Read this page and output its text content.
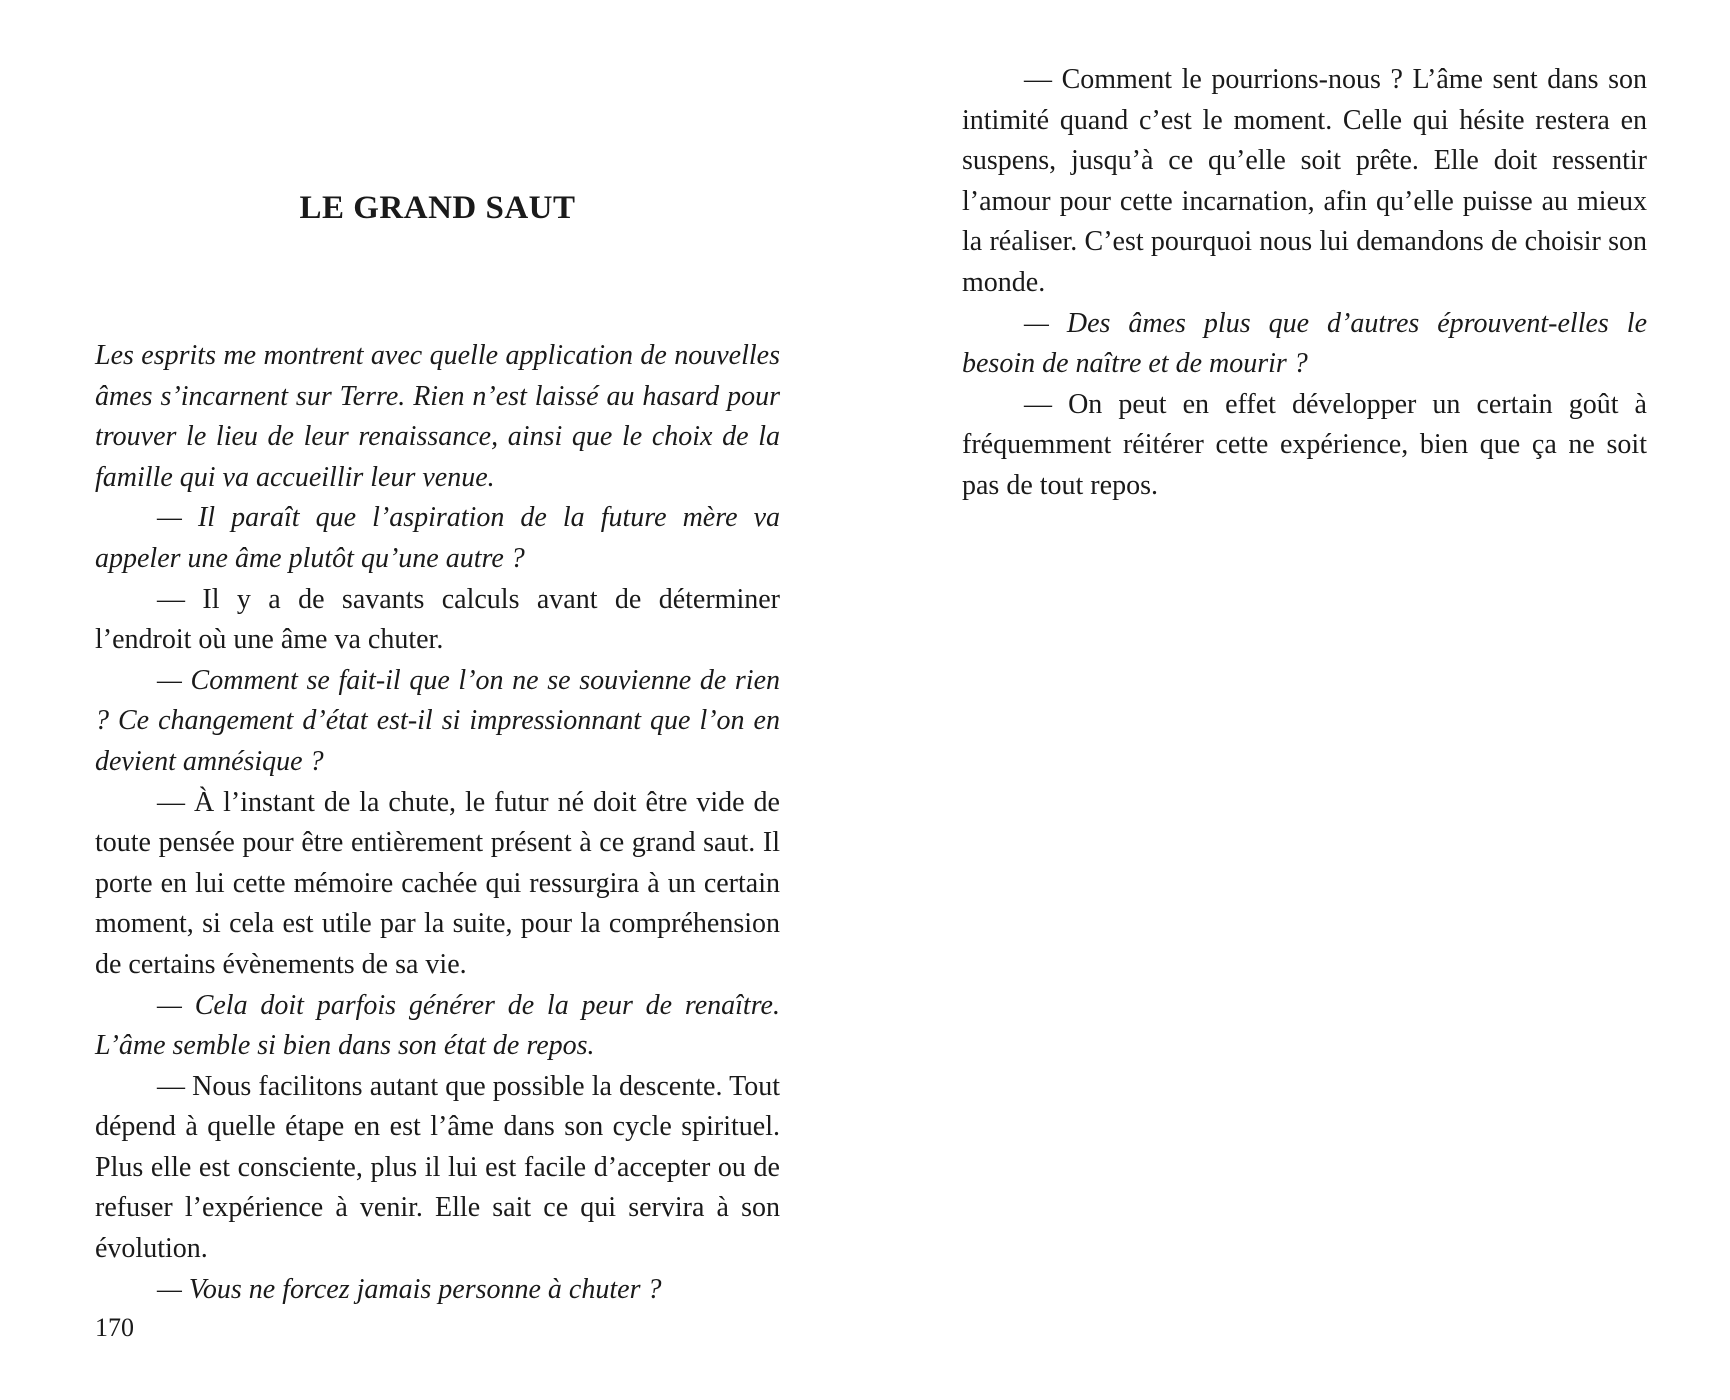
LE GRAND SAUT

Les esprits me montrent avec quelle application de nouvelles âmes s’incarnent sur Terre. Rien n’est laissé au hasard pour trouver le lieu de leur renaissance, ainsi que le choix de la famille qui va accueillir leur venue.

— Il paraît que l’aspiration de la future mère va appeler une âme plutôt qu’une autre ?

— Il y a de savants calculs avant de déterminer l’endroit où une âme va chuter.

— Comment se fait-il que l’on ne se souvienne de rien ? Ce changement d’état est-il si impressionnant que l’on en devient amnésique ?

— À l’instant de la chute, le futur né doit être vide de toute pensée pour être entièrement présent à ce grand saut. Il porte en lui cette mémoire cachée qui ressurgira à un certain moment, si cela est utile par la suite, pour la compréhension de certains évènements de sa vie.

— Cela doit parfois générer de la peur de renaître. L’âme semble si bien dans son état de repos.

— Nous facilitons autant que possible la descente. Tout dépend à quelle étape en est l’âme dans son cycle spirituel. Plus elle est consciente, plus il lui est facile d’accepter ou de refuser l’expérience à venir. Elle sait ce qui servira à son évolution.

— Vous ne forcez jamais personne à chuter ?

170

— Comment le pourrions-nous ? L’âme sent dans son intimité quand c’est le moment. Celle qui hésite restera en suspens, jusqu’à ce qu’elle soit prête. Elle doit ressentir l’amour pour cette incarnation, afin qu’elle puisse au mieux la réaliser. C’est pourquoi nous lui demandons de choisir son monde.

— Des âmes plus que d’autres éprouvent-elles le besoin de naître et de mourir ?

— On peut en effet développer un certain goût à fréquemment réitérer cette expérience, bien que ça ne soit pas de tout repos.
